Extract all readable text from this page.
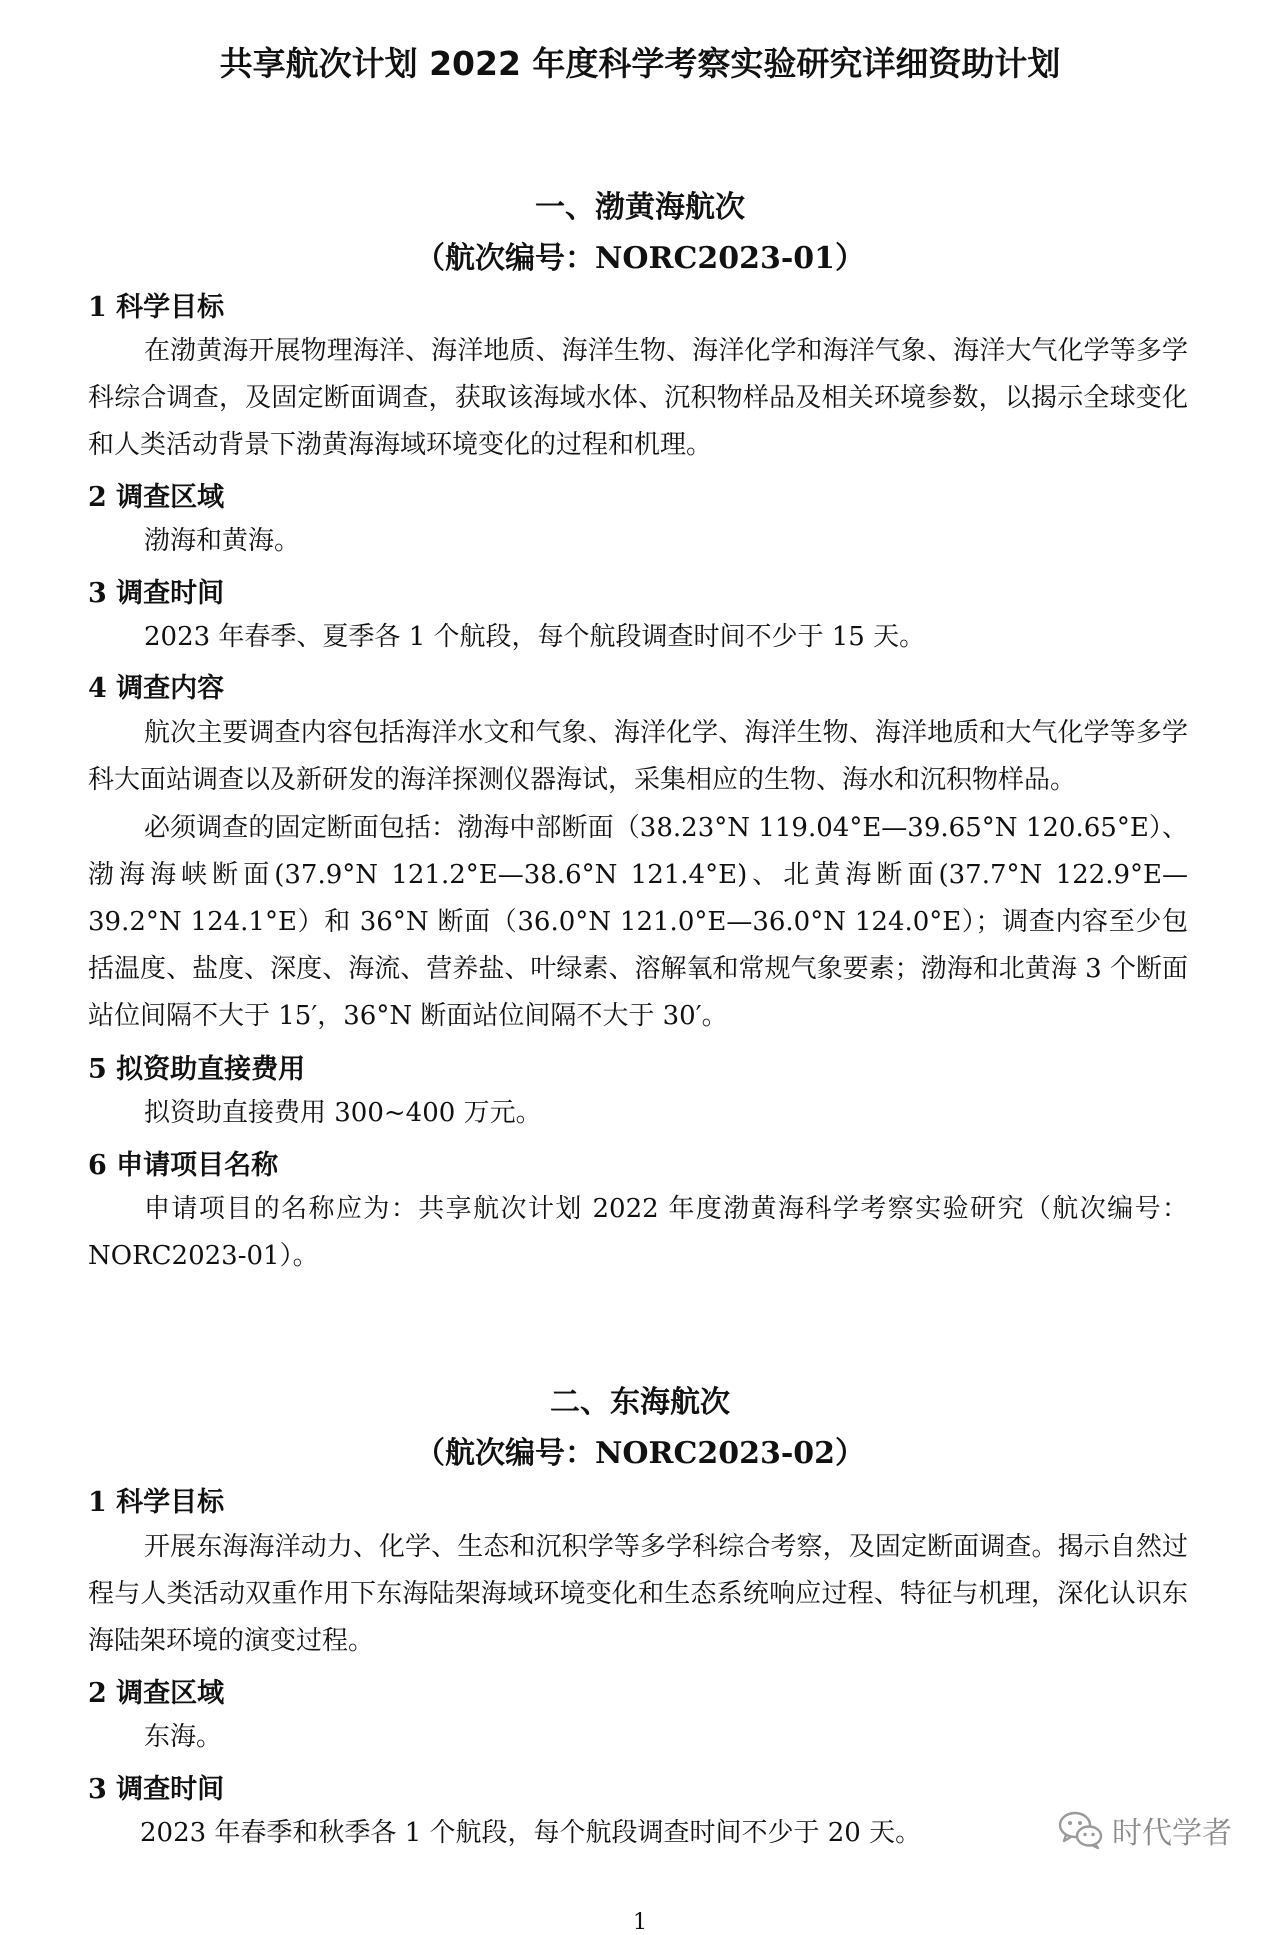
共享航次计划 2022 年度科学考察实验研究详细资助计划
一、渤黄海航次
（航次编号：NORC2023-01）
1 科学目标
在渤黄海开展物理海洋、海洋地质、海洋生物、海洋化学和海洋气象、海洋大气化学等多学科综合调查，及固定断面调查，获取该海域水体、沉积物样品及相关环境参数，以揭示全球变化和人类活动背景下渤黄海海域环境变化的过程和机理。
2 调查区域
渤海和黄海。
3 调查时间
2023 年春季、夏季各 1 个航段，每个航段调查时间不少于 15 天。
4 调查内容
航次主要调查内容包括海洋水文和气象、海洋化学、海洋生物、海洋地质和大气化学等多学科大面站调查以及新研发的海洋探测仪器海试，采集相应的生物、海水和沉积物样品。
必须调查的固定断面包括：渤海中部断面（38.23°N 119.04°E—39.65°N 120.65°E）、渤海海峡断面(37.9°N 121.2°E—38.6°N 121.4°E)、北黄海断面(37.7°N 122.9°E—39.2°N 124.1°E）和 36°N 断面（36.0°N 121.0°E—36.0°N 124.0°E）；调查内容至少包括温度、盐度、深度、海流、营养盐、叶绿素、溶解氧和常规气象要素；渤海和北黄海 3 个断面站位间隔不大于 15′，36°N 断面站位间隔不大于 30′。
5 拟资助直接费用
拟资助直接费用 300~400 万元。
6 申请项目名称
申请项目的名称应为：共享航次计划 2022 年度渤黄海科学考察实验研究（航次编号：NORC2023-01）。
二、东海航次
（航次编号：NORC2023-02）
1 科学目标
开展东海海洋动力、化学、生态和沉积学等多学科综合考察，及固定断面调查。揭示自然过程与人类活动双重作用下东海陆架海域环境变化和生态系统响应过程、特征与机理，深化认识东海陆架环境的演变过程。
2 调查区域
东海。
3 调查时间
2023 年春季和秋季各 1 个航段，每个航段调查时间不少于 20 天。	时代学者
1
